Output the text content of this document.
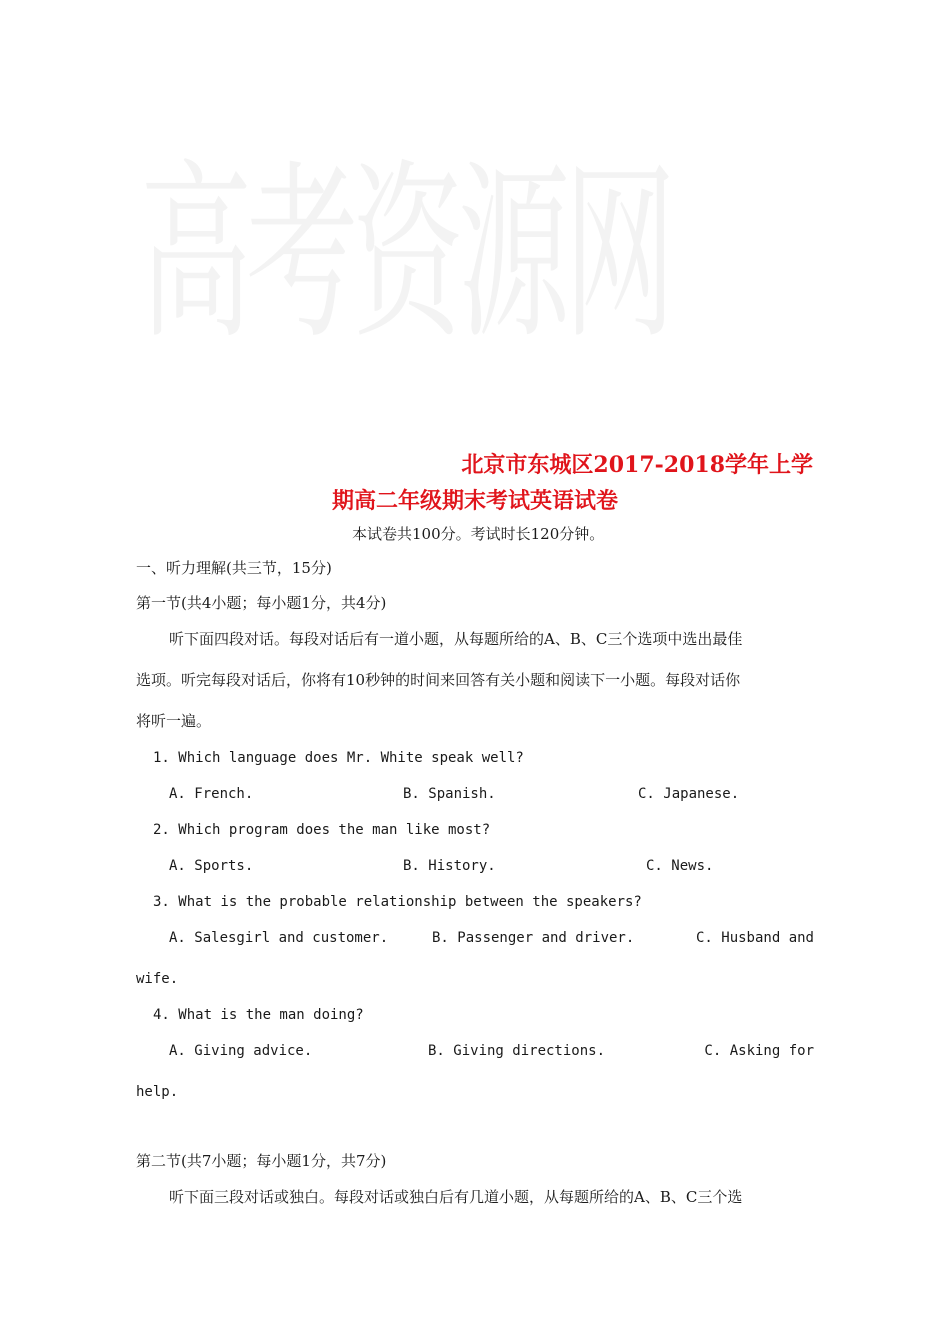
高考资源网
北京市东城区2017-2018学年上学
期高二年级期末考试英语试卷
本试卷共100分。考试时长120分钟。
一、听力理解(共三节，15分)
第一节(共4小题；每小题1分，共4分)
听下面四段对话。每段对话后有一道小题，从每题所给的A、B、C三个选项中选出最佳
选项。听完每段对话后，你将有10秒钟的时间来回答有关小题和阅读下一小题。每段对话你
将听一遍。
1. Which language does Mr. White speak well?
A. French.	B. Spanish.	C. Japanese.
2. Which program does the man like most?
A. Sports.	B. History.	C. News.
3. What is the probable relationship between the speakers?
A. Salesgirl and customer.	B. Passenger and driver.	C. Husband and
wife.
4. What is the man doing?
A. Giving advice.	B. Giving directions.	C. Asking for
help.
第二节(共7小题；每小题1分，共7分)
听下面三段对话或独白。每段对话或独白后有几道小题，从每题所给的A、B、C三个选
